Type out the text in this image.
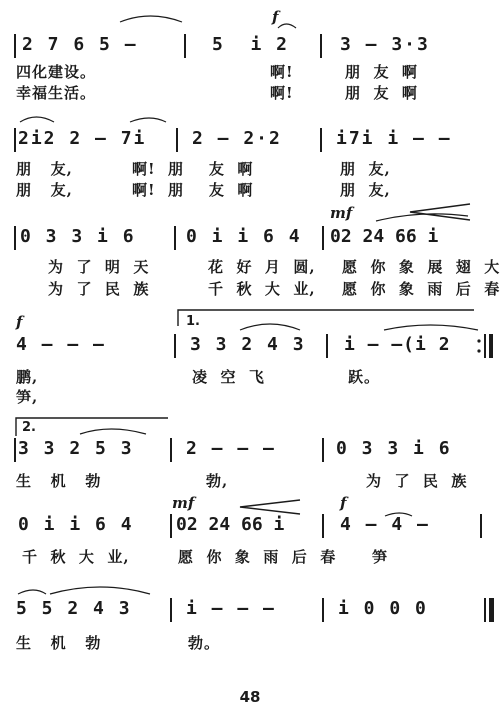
2 7 6 5 —	5  i 2	3 — 3·3
f
四化建设。	啊!	朋  友  啊
幸福生活。	啊!	朋  友  啊
2i2 2 — 7i	2 — 2·2	i7i i — —
朋   友,	啊!  朋    友  啊	朋  友,
朋   友,	啊!  朋    友  啊	朋  友,
mf
0 3 3 i 6	0 i i 6 4 02 24 66 i
为  了  明  天	花  好  月  圆, 愿  你  象  展  翅  大
为  了  民  族	千  秋  大  业, 愿  你  象  雨  后  春
f	1.
4 — — —	3 3 2 4 3 i — —(i 2
鹏,	凌  空  飞	跃。
笋,
2.
3 3 2 5 3	2 — — —	0 3 3 i 6
生   机   勃	勃,	为  了  民  族
mf	f
0 i i 6 4 02 24 66 i	4 — 4 —
千  秋  大  业,	愿  你  象  雨  后  春 笋
5 5 2 4 3	i — — —	i 0 0 0
生   机   勃	勃。
48
